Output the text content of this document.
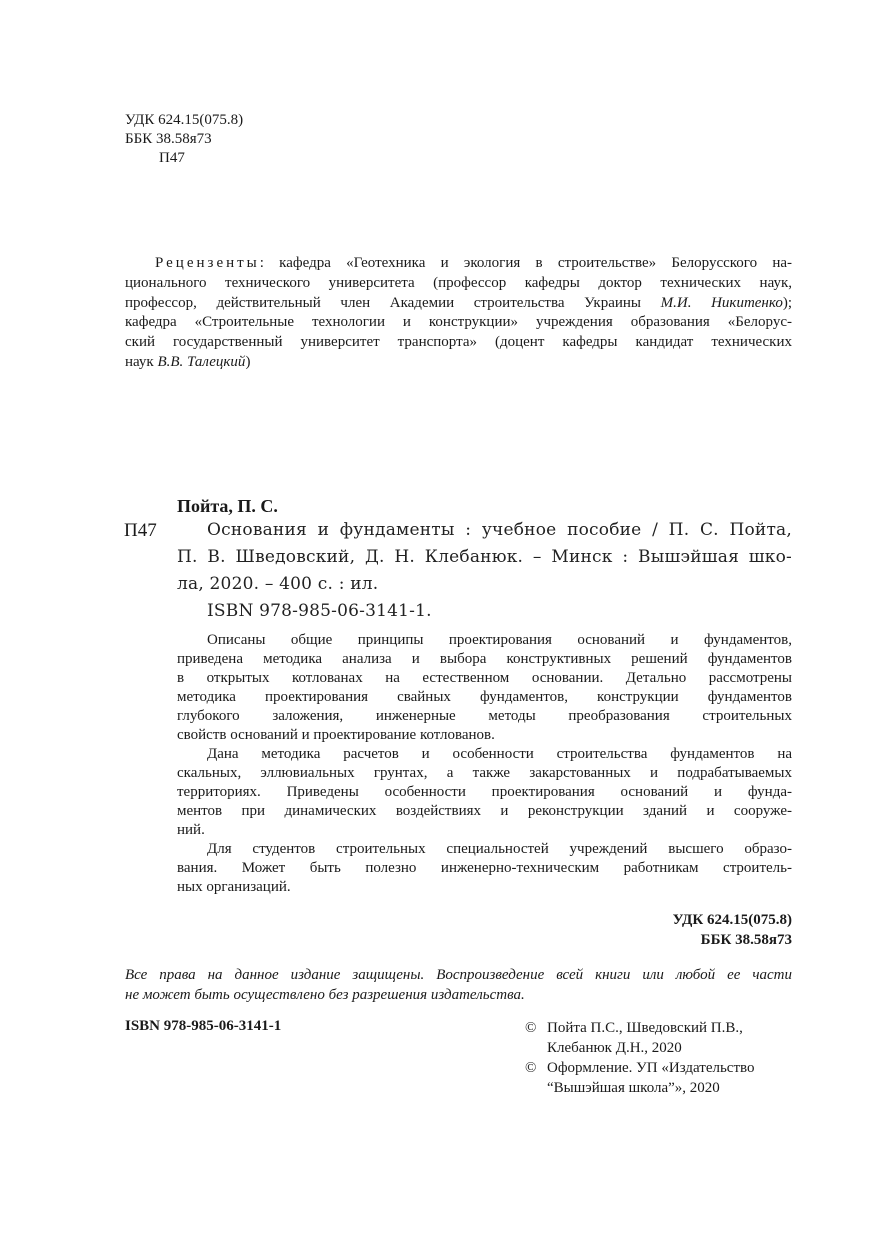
УДК 624.15(075.8)
ББК 38.58я73
П47
Рецензенты: кафедра «Геотехника и экология в строительстве» Белорусского на-
ционального технического университета (профессор кафедры доктор технических наук,
профессор, действительный член Академии строительства Украины М.И. Никитенко);
кафедра «Строительные технологии и конструкции» учреждения образования «Белорус-
ский государственный университет транспорта» (доцент кафедры кандидат технических
наук В.В. Талецкий)
Пойта, П. С.
П47	Основания и фундаменты : учебное пособие / П. С. Пойта,
П. В. Шведовский, Д. Н. Клебанюк. – Минск : Вышэйшая шко-
ла, 2020. – 400 с. : ил.
ISBN 978-985-06-3141-1.
Описаны общие принципы проектирования оснований и фундаментов,
приведена методика анализа и выбора конструктивных решений фундаментов
в открытых котлованах на естественном основании. Детально рассмотрены
методика проектирования свайных фундаментов, конструкции фундаментов
глубокого заложения, инженерные методы преобразования строительных
свойств оснований и проектирование котлованов.
Дана методика расчетов и особенности строительства фундаментов на
скальных, эллювиальных грунтах, а также закарстованных и подрабатываемых
территориях. Приведены особенности проектирования оснований и фунда-
ментов при динамических воздействиях и реконструкции зданий и сооруже-
ний.
Для студентов строительных специальностей учреждений высшего образо-
вания. Может быть полезно инженерно-техническим работникам строитель-
ных организаций.
УДК 624.15(075.8)
ББК 38.58я73
Все права на данное издание защищены. Воспроизведение всей книги или любой ее части
не может быть осуществлено без разрешения издательства.
ISBN 978-985-06-3141-1	© Пойта П.С., Шведовский П.В.,
Клебанюк Д.Н., 2020
© Оформление. УП «Издательство
“Вышэйшая школа”», 2020
